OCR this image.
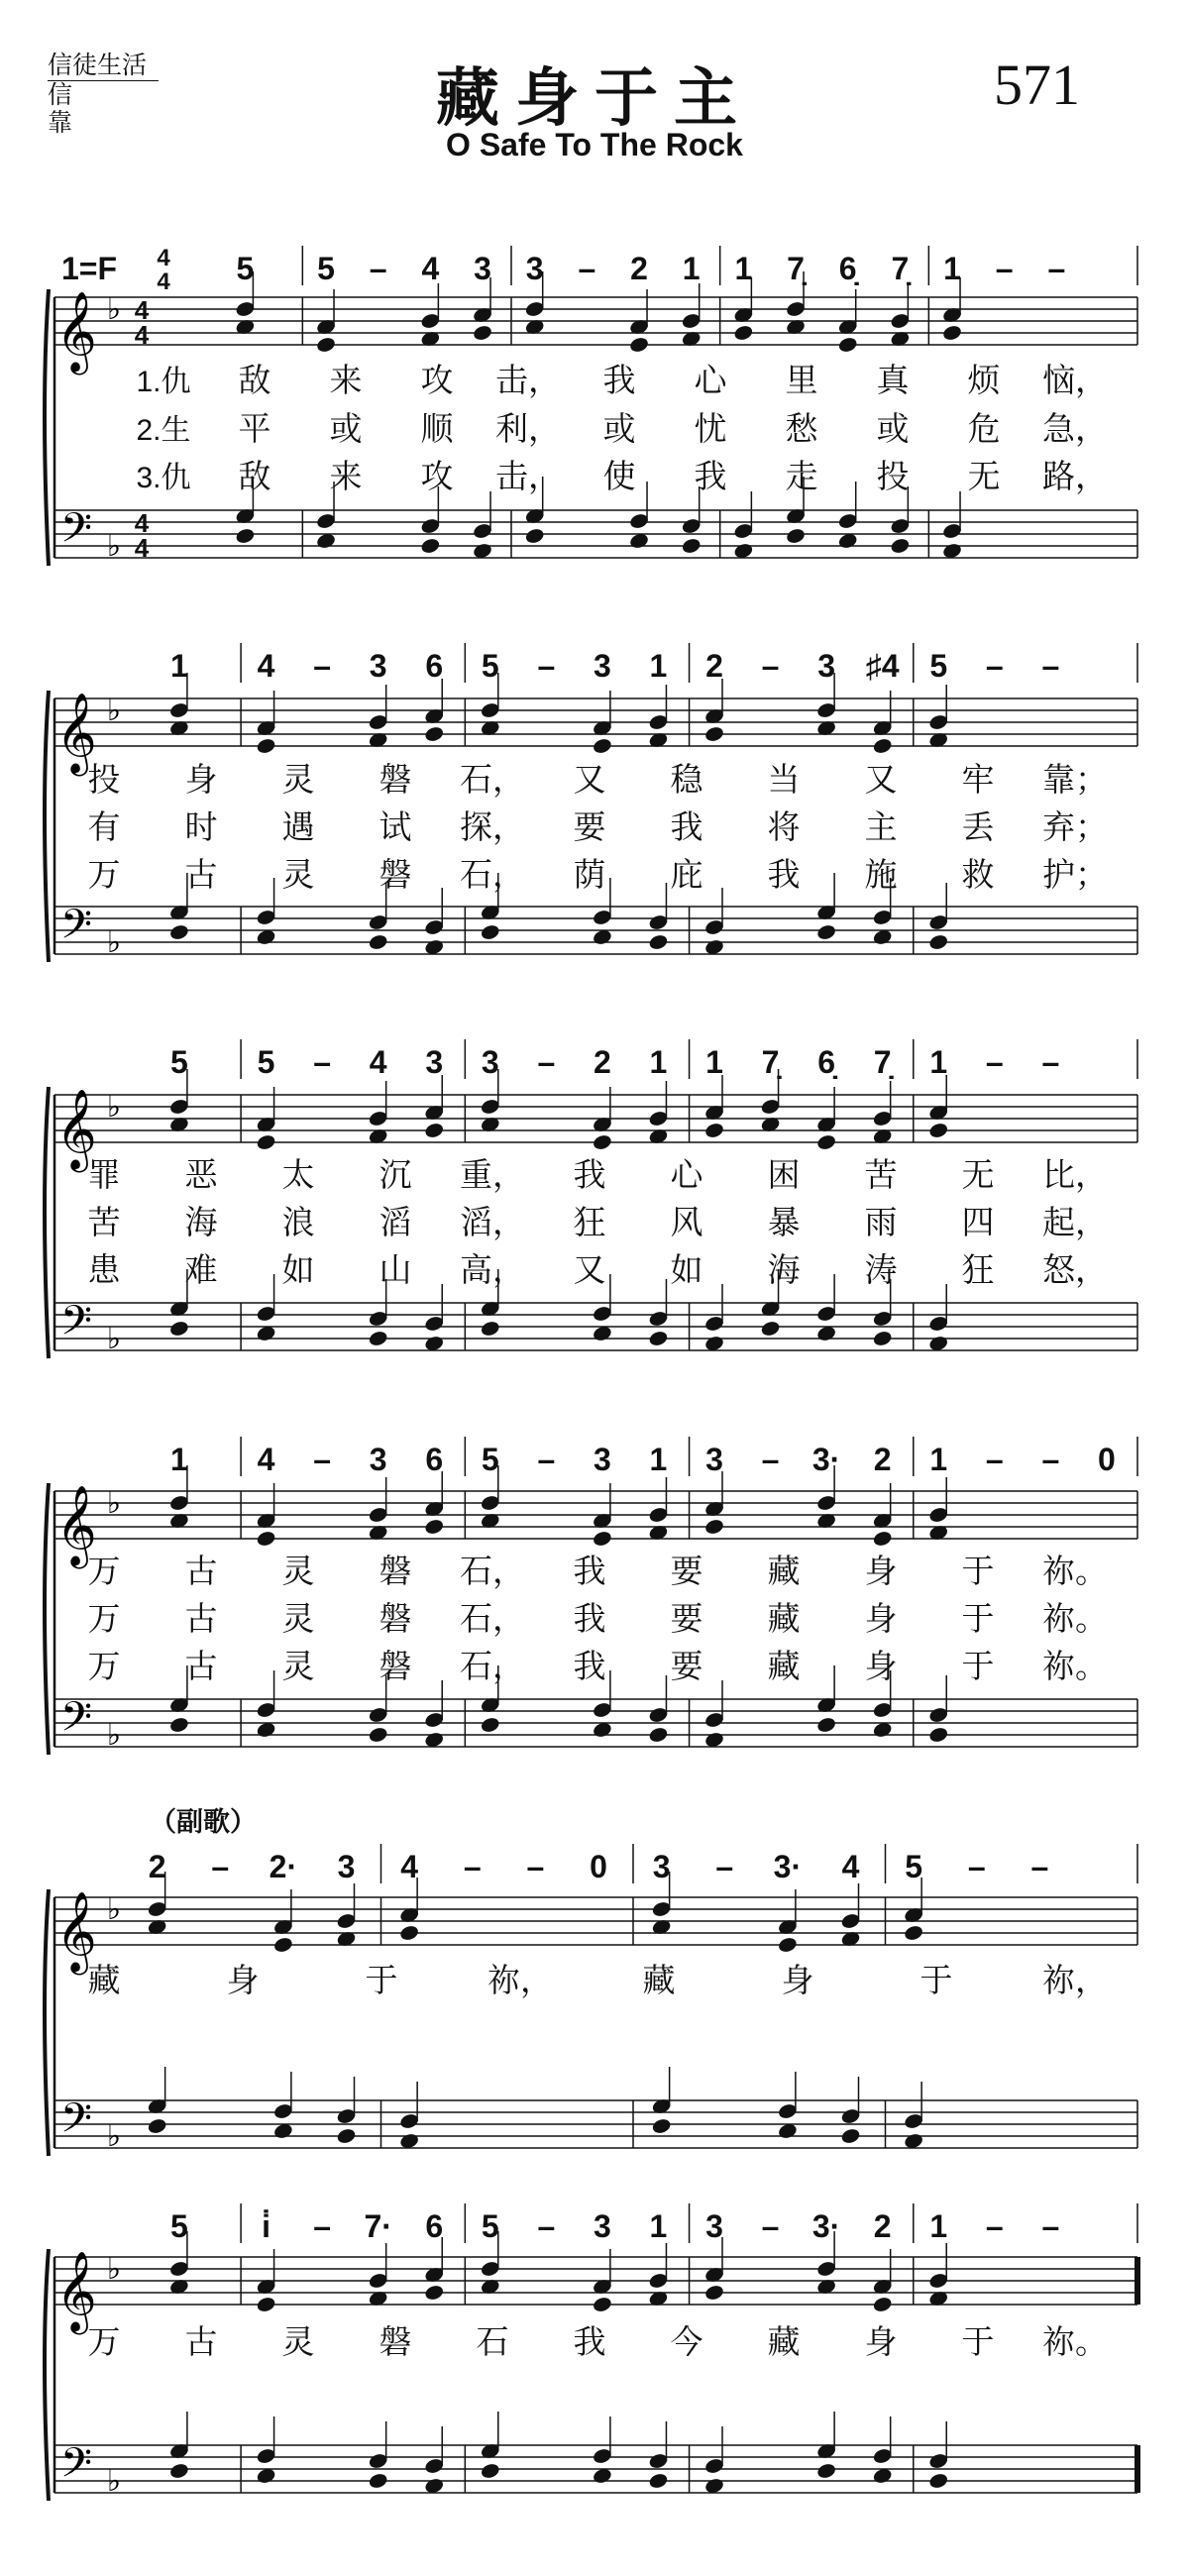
信徒生活
信 靠	藏身于主
O Safe To The Rock
571
1=F 4
4
𝄞 ♭
𝄢 ♭
4
4
4
4
5 5 – 4 3 3 – 2 1 1 7̣ 6̣ 7̣ 1 – –
1.仇 敌 来 攻 击， 我 心 里 真 烦 恼，
2.生 平 或 顺 利， 或 忧 愁 或 危 急，
3.仇 敌 来 攻 击， 使 我 走 投 无 路，
𝄞 ♭
𝄢 ♭
1 4 – 3 6 5 – 3 1 2 – 3 ♯4 5 – –
投 身 灵 磐 石， 又 稳 当 又 牢 靠；
有 时 遇 试 探， 要 我 将 主 丢 弃；
万 古 灵 磐 石， 荫 庇 我 施 救 护；
𝄞 ♭
𝄢 ♭
5 5 – 4 3 3 – 2 1 1 7̣ 6̣ 7̣ 1 – –
罪 恶 太 沉 重， 我 心 困 苦 无 比，
苦 海 浪 滔 滔， 狂 风 暴 雨 四 起，
患 难 如 山 高， 又 如 海 涛 狂 怒，
𝄞 ♭
𝄢 ♭
1 4 – 3 6 5 – 3 1 3 – 3· 2 1 – – 0
万 古 灵 磐 石， 我 要 藏 身 于 祢。
万 古 灵 磐 石， 我 要 藏 身 于 祢。
万 古 灵 磐 石， 我 要 藏 身 于 祢。
（副歌）
𝄞 ♭
𝄢 ♭
2 – 2· 3 4 – – 0 3 – 3· 4 5 – –
藏	身	于	祢，	藏	身	于	祢，
𝄞 ♭
𝄢 ♭
5 i̇ – 7· 6 5 – 3 1 3 – 3· 2 1 – –
万 古 灵 磐 石 我 今 藏 身 于 祢。
